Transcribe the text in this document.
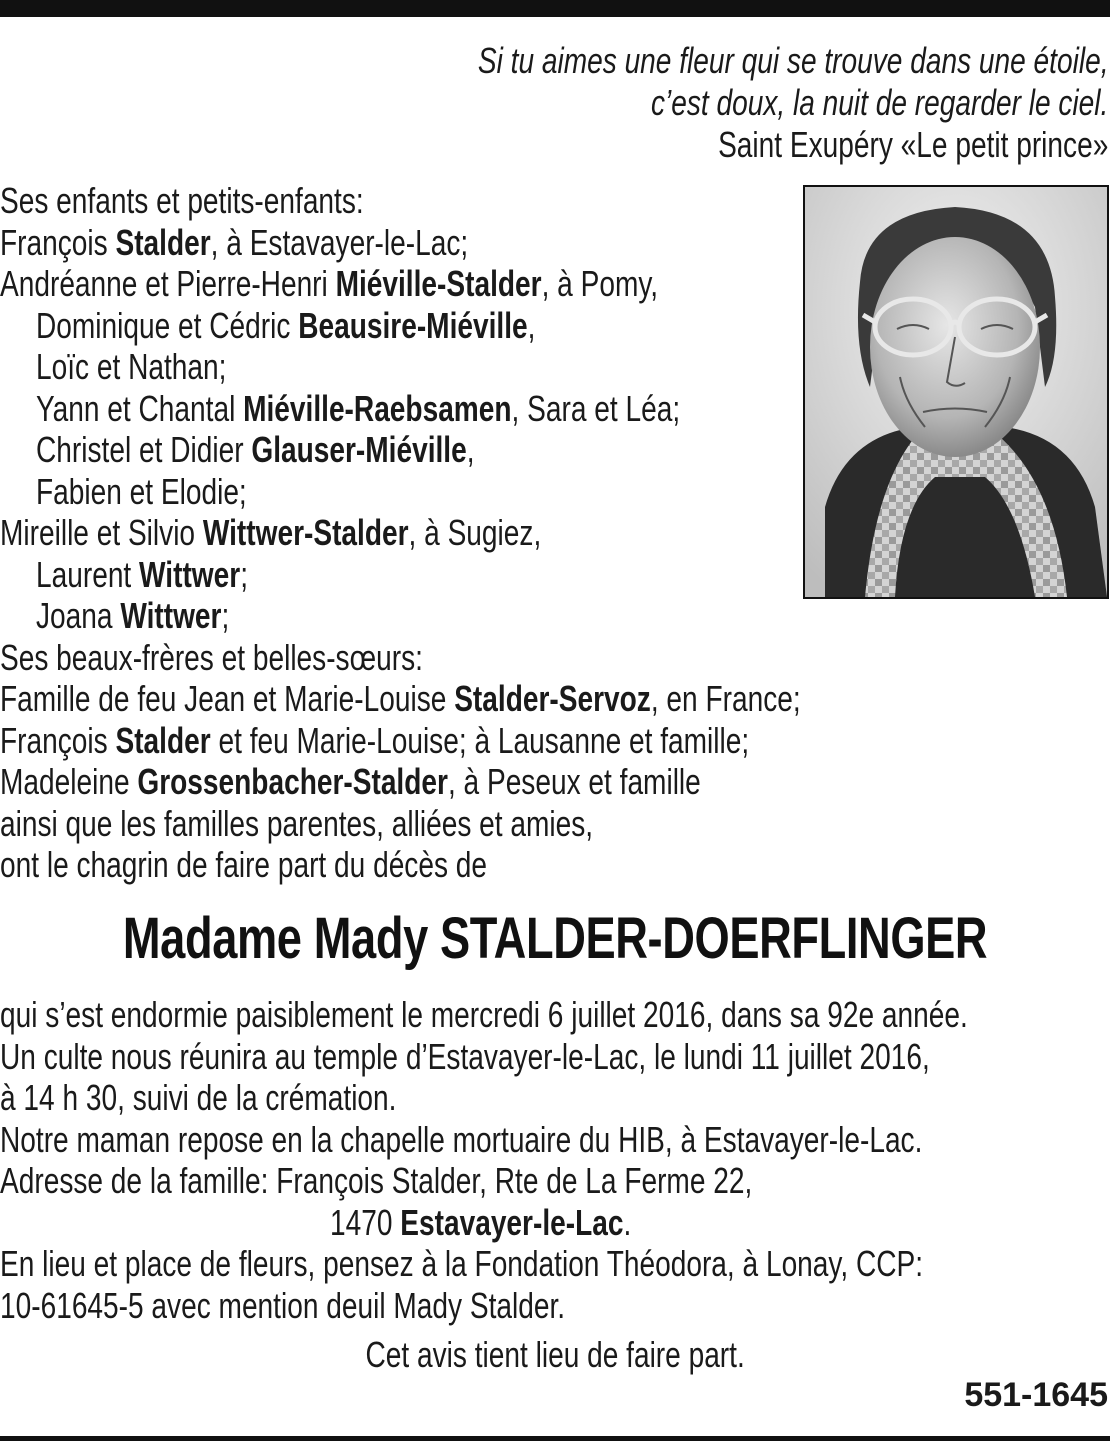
Si tu aimes une fleur qui se trouve dans une étoile,
c’est doux, la nuit de regarder le ciel.
Saint Exupéry «Le petit prince»
Ses enfants et petits-enfants:
François Stalder, à Estavayer-le-Lac;
Andréanne et Pierre-Henri Miéville-Stalder, à Pomy,
Dominique et Cédric Beausire-Miéville,
Loïc et Nathan;
Yann et Chantal Miéville-Raebsamen, Sara et Léa;
Christel et Didier Glauser-Miéville,
Fabien et Elodie;
Mireille et Silvio Wittwer-Stalder, à Sugiez,
Laurent Wittwer;
Joana Wittwer;
Ses beaux-frères et belles-sœurs:
Famille de feu Jean et Marie-Louise Stalder-Servoz, en France;
François Stalder et feu Marie-Louise; à Lausanne et famille;
Madeleine Grossenbacher-Stalder, à Peseux et famille
ainsi que les familles parentes, alliées et amies,
ont le chagrin de faire part du décès de
Madame Mady STALDER-DOERFLINGER
qui s’est endormie paisiblement le mercredi 6 juillet 2016, dans sa 92e année.
Un culte nous réunira au temple d’Estavayer-le-Lac, le lundi 11 juillet 2016,
à 14 h 30, suivi de la crémation.
Notre maman repose en la chapelle mortuaire du HIB, à Estavayer-le-Lac.
Adresse de la famille: François Stalder, Rte de La Ferme 22,
1470 Estavayer-le-Lac.
En lieu et place de fleurs, pensez à la Fondation Théodora, à Lonay, CCP:
10-61645-5 avec mention deuil Mady Stalder.
Cet avis tient lieu de faire part.
551-1645
